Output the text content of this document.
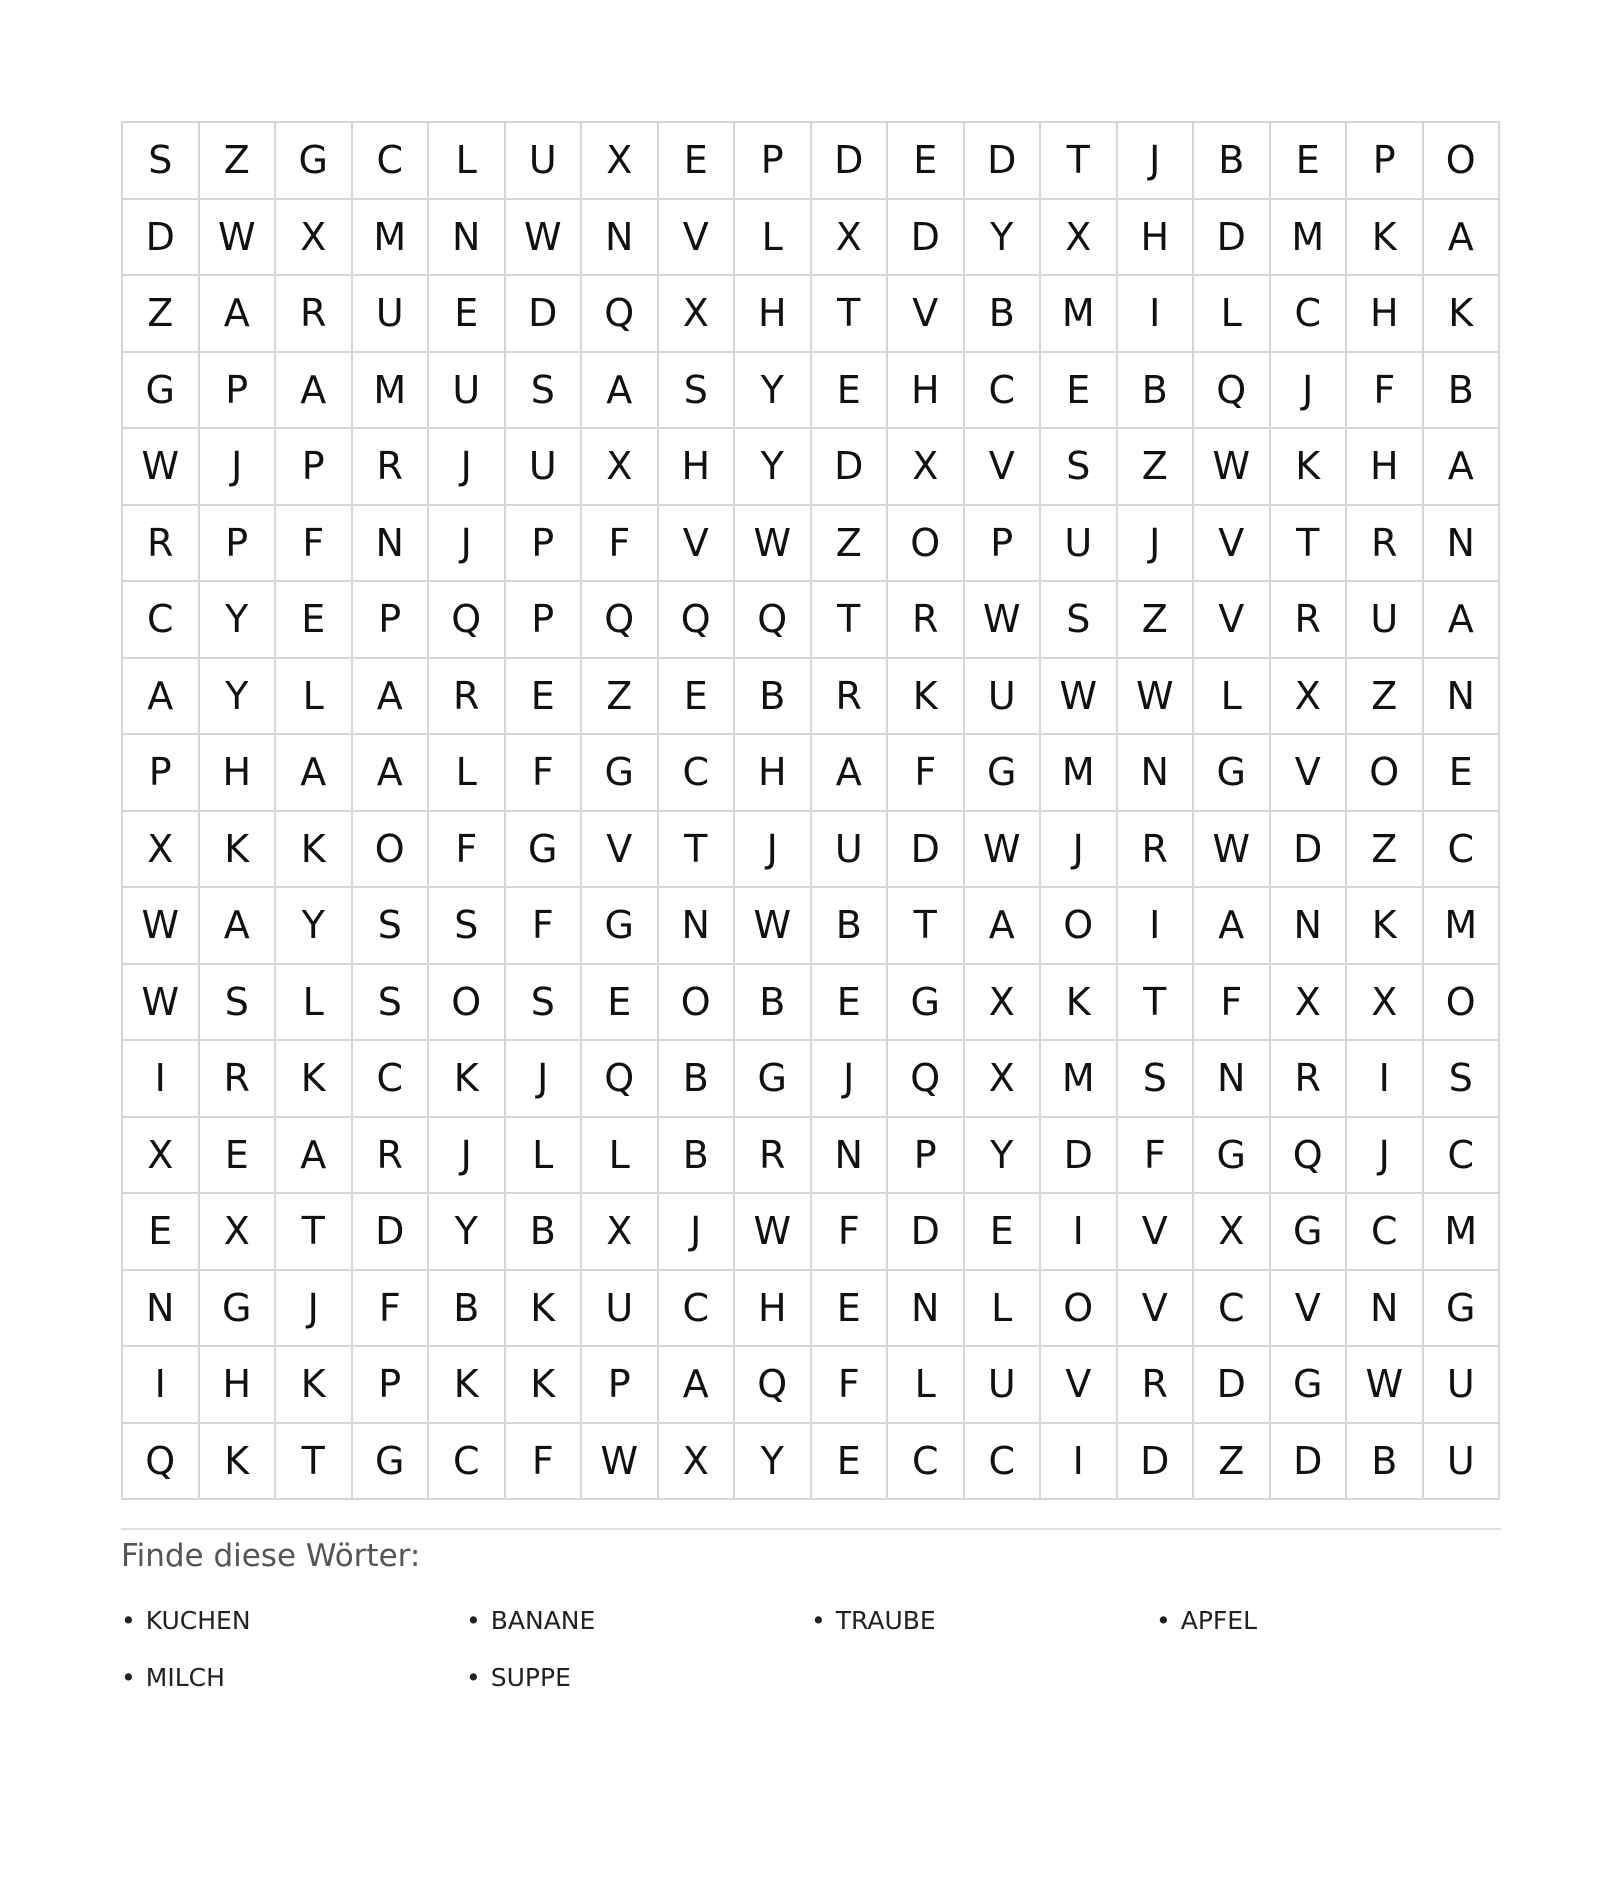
S	Z	G	C	L	U	X	E	P	D	E	D	T	J	B	E	P	O
D	W	X	M	N	W	N	V	L	X	D	Y	X	H	D	M	K	A
Z	A	R	U	E	D	Q	X	H	T	V	B	M	I	L	C	H	K
G	P	A	M	U	S	A	S	Y	E	H	C	E	B	Q	J	F	B
W	J	P	R	J	U	X	H	Y	D	X	V	S	Z	W	K	H	A
R	P	F	N	J	P	F	V	W	Z	O	P	U	J	V	T	R	N
C	Y	E	P	Q	P	Q	Q	Q	T	R	W	S	Z	V	R	U	A
A	Y	L	A	R	E	Z	E	B	R	K	U	W	W	L	X	Z	N
P	H	A	A	L	F	G	C	H	A	F	G	M	N	G	V	O	E
X	K	K	O	F	G	V	T	J	U	D	W	J	R	W	D	Z	C
W	A	Y	S	S	F	G	N	W	B	T	A	O	I	A	N	K	M
W	S	L	S	O	S	E	O	B	E	G	X	K	T	F	X	X	O
I	R	K	C	K	J	Q	B	G	J	Q	X	M	S	N	R	I	S
X	E	A	R	J	L	L	B	R	N	P	Y	D	F	G	Q	J	C
E	X	T	D	Y	B	X	J	W	F	D	E	I	V	X	G	C	M
N	G	J	F	B	K	U	C	H	E	N	L	O	V	C	V	N	G
I	H	K	P	K	K	P	A	Q	F	L	U	V	R	D	G	W	U
Q	K	T	G	C	F	W	X	Y	E	C	C	I	D	Z	D	B	U
Finde diese Wörter:
• KUCHEN	• BANANE	• TRAUBE	• APFEL
• MILCH	• SUPPE
